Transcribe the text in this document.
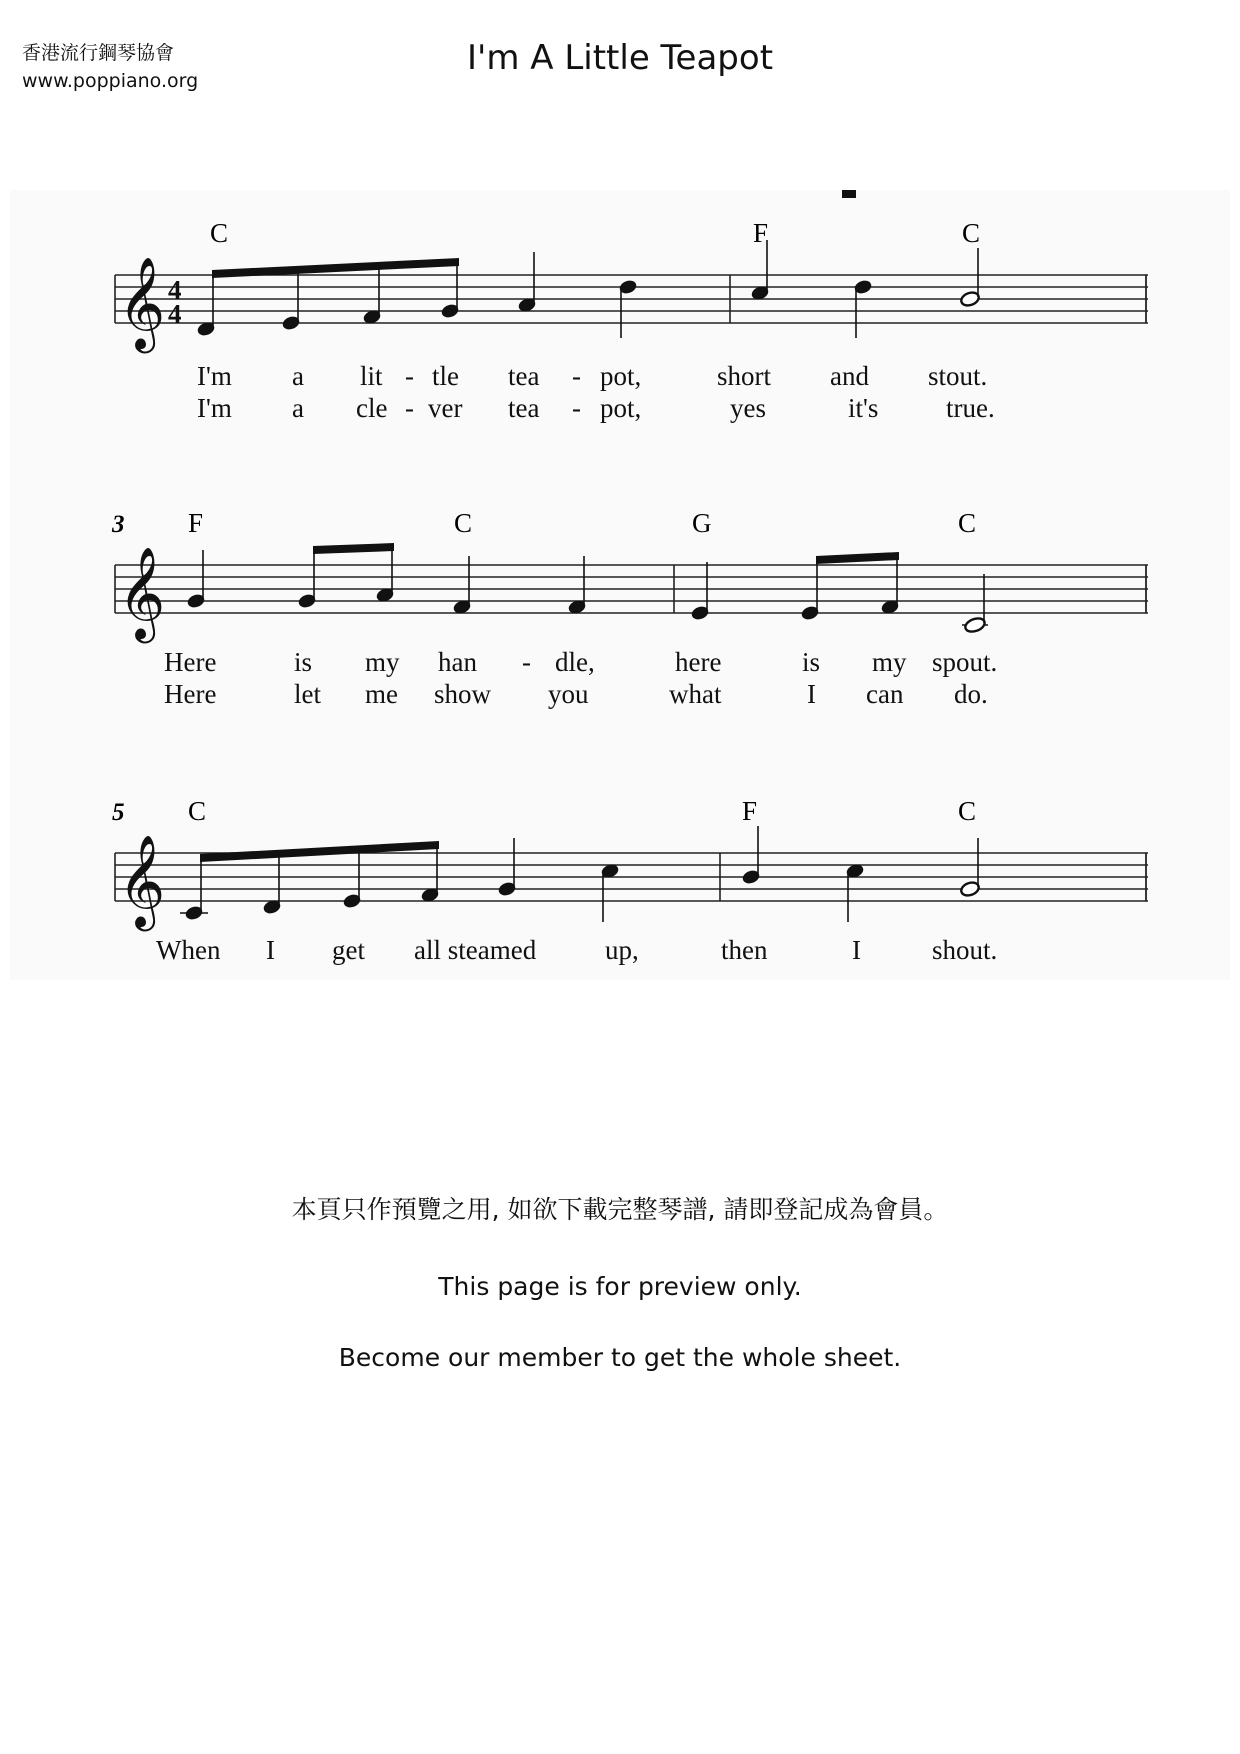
香港流行鋼琴協會
www.poppiano.org
I'm A Little Teapot
𝄞 4
4
C	F	C
I'm a lit - tle tea - pot,	short and stout.
I'm a cle - ver tea - pot,	yes	it's	true.
3
𝄞
F	C	G	C
Here	is my han - dle,	here	is my spout.
Here	let me show you	what	I can do.
5
𝄞
C	F	C
When I get all steamed	up,	then	I	shout.
本頁只作預覽之用, 如欲下載完整琴譜, 請即登記成為會員。
This page is for preview only.
Become our member to get the whole sheet.
